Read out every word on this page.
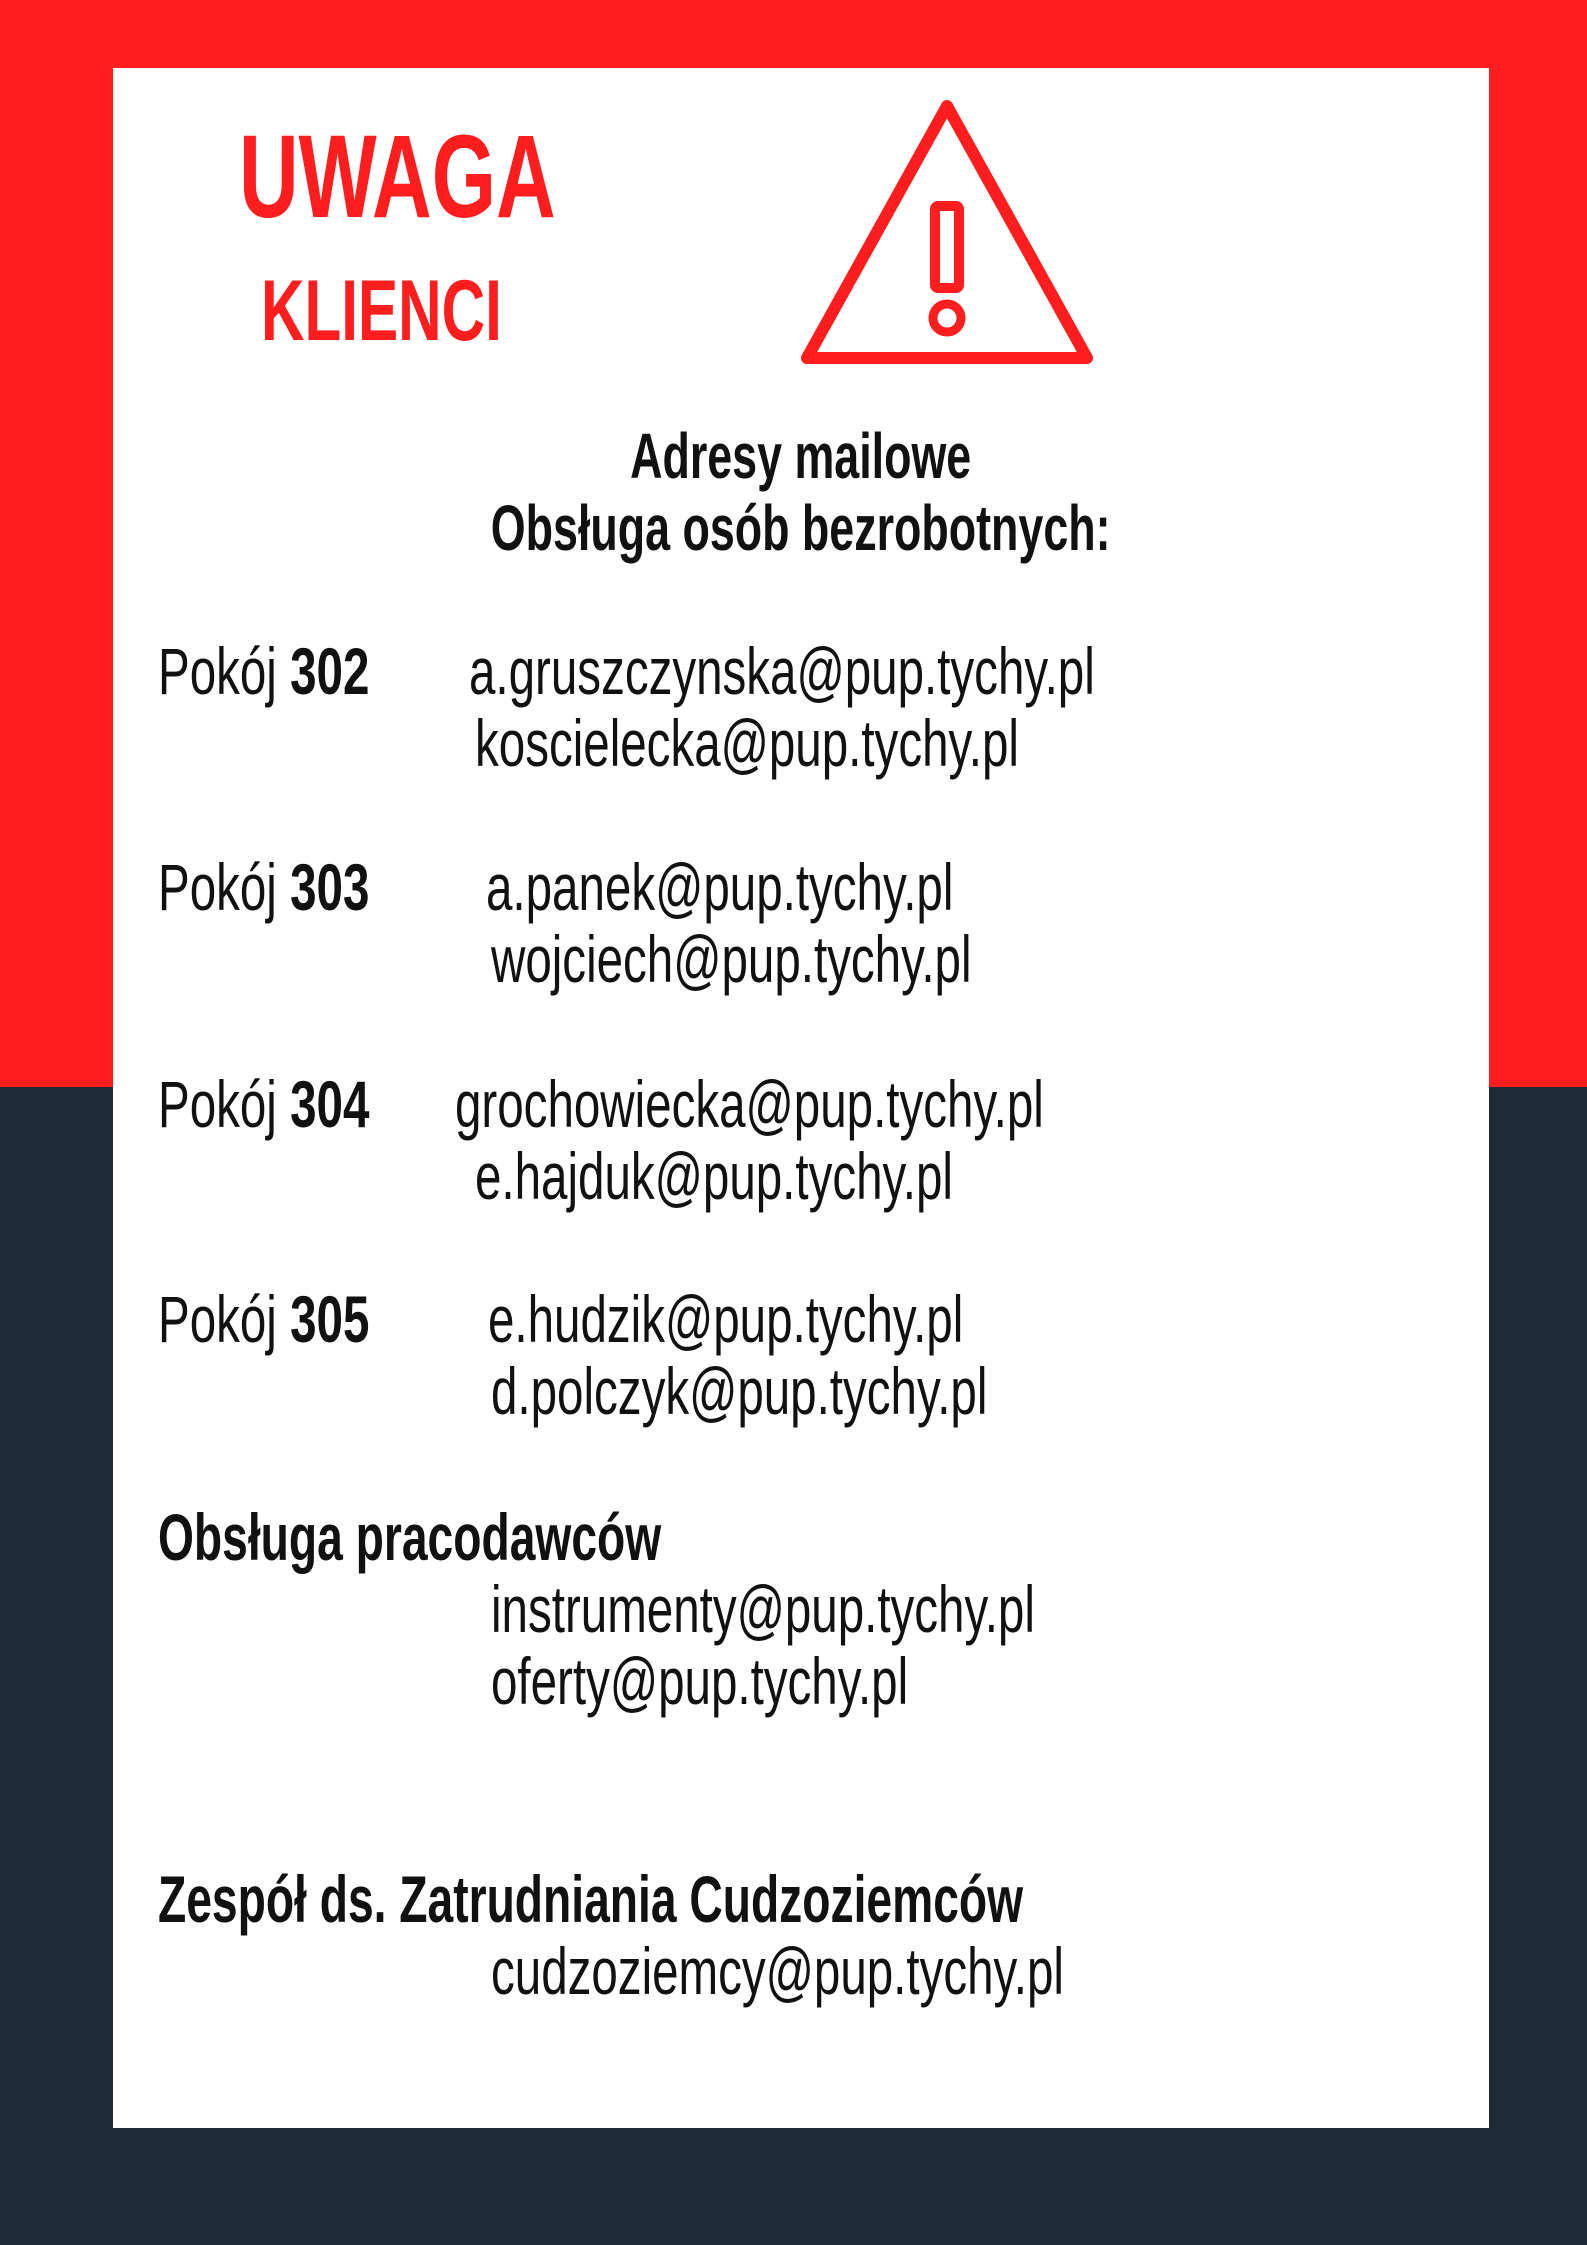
UWAGA
KLIENCI
Adresy mailowe
Obsługa osób bezrobotnych:
Pokój 302	a.gruszczynska@pup.tychy.pl
koscielecka@pup.tychy.pl
Pokój 303	a.panek@pup.tychy.pl
wojciech@pup.tychy.pl
Pokój 304	grochowiecka@pup.tychy.pl
e.hajduk@pup.tychy.pl
Pokój 305	e.hudzik@pup.tychy.pl
d.polczyk@pup.tychy.pl
Obsługa pracodawców
instrumenty@pup.tychy.pl
oferty@pup.tychy.pl
Zespół ds. Zatrudniania Cudzoziemców
cudzoziemcy@pup.tychy.pl
